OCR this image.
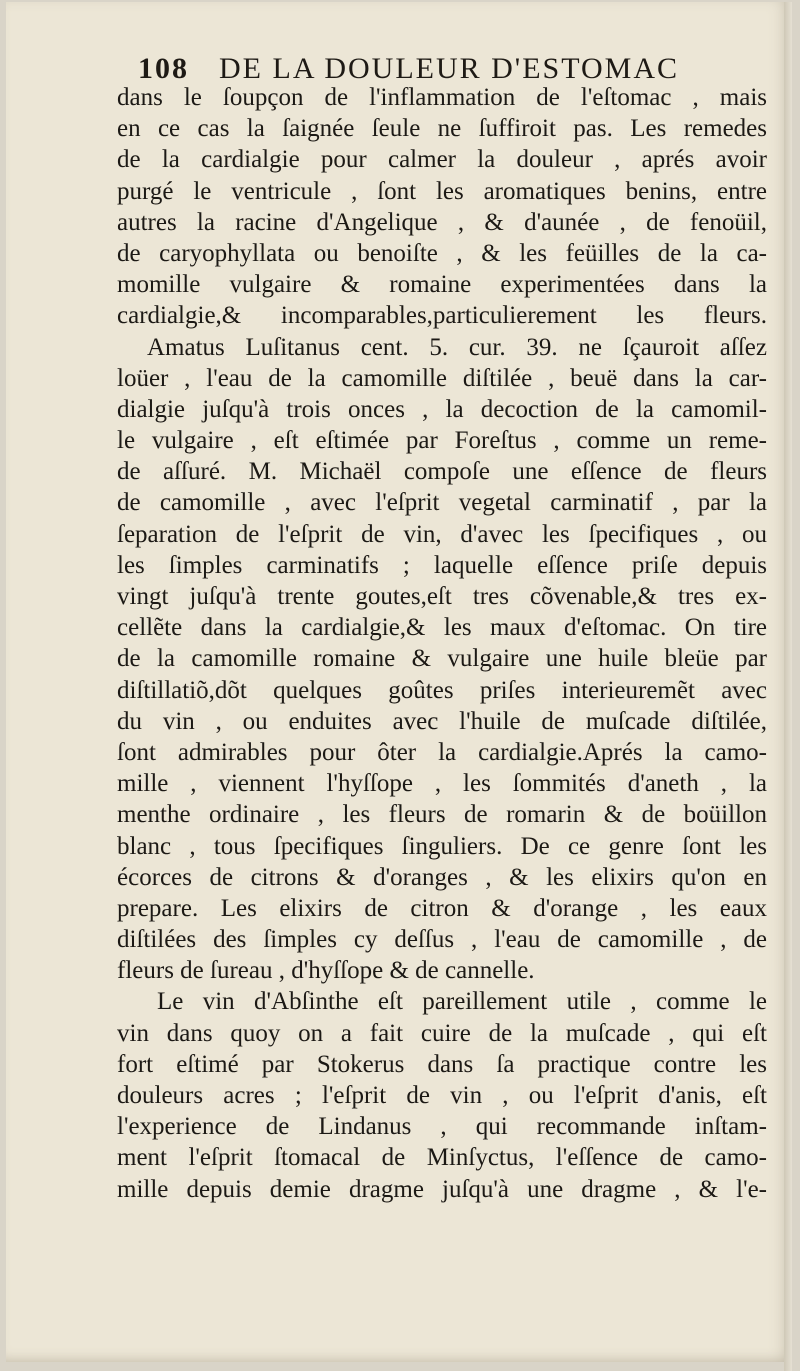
108 DE LA DOULEUR D'ESTOMAC
dans le ſoupçon de l'inflammation de l'eſtomac , mais
en ce cas la ſaignée ſeule ne ſuffiroit pas. Les remedes
de la cardialgie pour calmer la douleur , aprés avoir
purgé le ventricule , ſont les aromatiques benins, entre
autres la racine d'Angelique , & d'aunée , de fenoüil,
de caryophyllata ou benoiſte , & les feüilles de la ca-
momille vulgaire & romaine experimentées dans la
cardialgie,& incomparables,particulierement les fleurs.
Amatus Luſitanus cent. 5. cur. 39. ne ſçauroit aſſez
loüer , l'eau de la camomille diſtilée , beuë dans la car-
dialgie juſqu'à trois onces , la decoction de la camomil-
le vulgaire , eſt eſtimée par Foreſtus , comme un reme-
de aſſuré. M. Michaël compoſe une eſſence de fleurs
de camomille , avec l'eſprit vegetal carminatif , par la
ſeparation de l'eſprit de vin, d'avec les ſpecifiques , ou
les ſimples carminatifs ; laquelle eſſence priſe depuis
vingt juſqu'à trente goutes,eſt tres cõvenable,& tres ex-
cellẽte dans la cardialgie,& les maux d'eſtomac. On tire
de la camomille romaine & vulgaire une huile bleüe par
diſtillatiõ,dõt quelques goûtes priſes interieuremẽt avec
du vin , ou enduites avec l'huile de muſcade diſtilée,
ſont admirables pour ôter la cardialgie.Aprés la camo-
mille , viennent l'hyſſope , les ſommités d'aneth , la
menthe ordinaire , les fleurs de romarin & de boüillon
blanc , tous ſpecifiques ſinguliers. De ce genre ſont les
écorces de citrons & d'oranges , & les elixirs qu'on en
prepare. Les elixirs de citron & d'orange , les eaux
diſtilées des ſimples cy deſſus , l'eau de camomille , de
fleurs de ſureau , d'hyſſope & de cannelle.
Le vin d'Abſinthe eſt pareillement utile , comme le
vin dans quoy on a fait cuire de la muſcade , qui eſt
fort eſtimé par Stokerus dans ſa practique contre les
douleurs acres ; l'eſprit de vin , ou l'eſprit d'anis, eſt
l'experience de Lindanus , qui recommande inſtam-
ment l'eſprit ſtomacal de Minſyctus, l'eſſence de camo-
mille depuis demie dragme juſqu'à une dragme , & l'e-
